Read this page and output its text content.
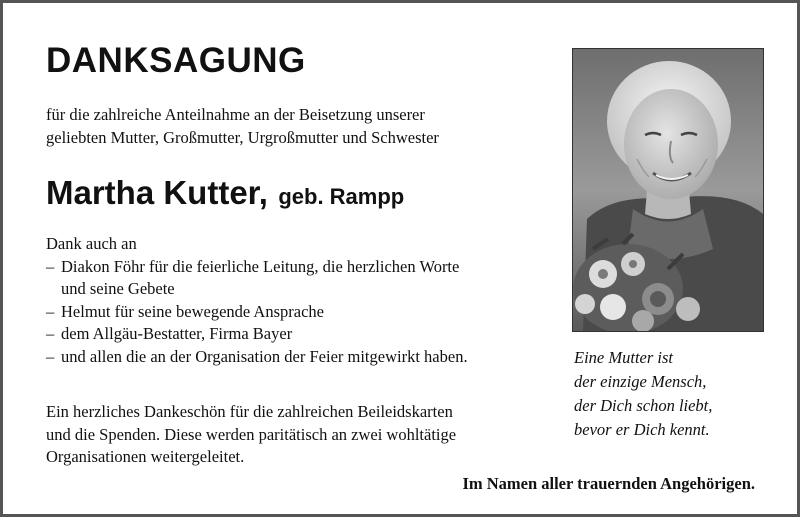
DANKSAGUNG
für die zahlreiche Anteilnahme an der Beisetzung unserer
geliebten Mutter, Großmutter, Urgroßmutter und Schwester
Martha Kutter, geb. Rampp
Dank auch an
– Diakon Föhr für die feierliche Leitung, die herzlichen Worte
und seine Gebete
– Helmut für seine bewegende Ansprache
– dem Allgäu-Bestatter, Firma Bayer
– und allen die an der Organisation der Feier mitgewirkt haben.
Ein herzliches Dankeschön für die zahlreichen Beileidskarten
und die Spenden. Diese werden paritätisch an zwei wohltätige
Organisationen weitergeleitet.
Eine Mutter ist
der einzige Mensch,
der Dich schon liebt,
bevor er Dich kennt.
Im Namen aller trauernden Angehörigen.
